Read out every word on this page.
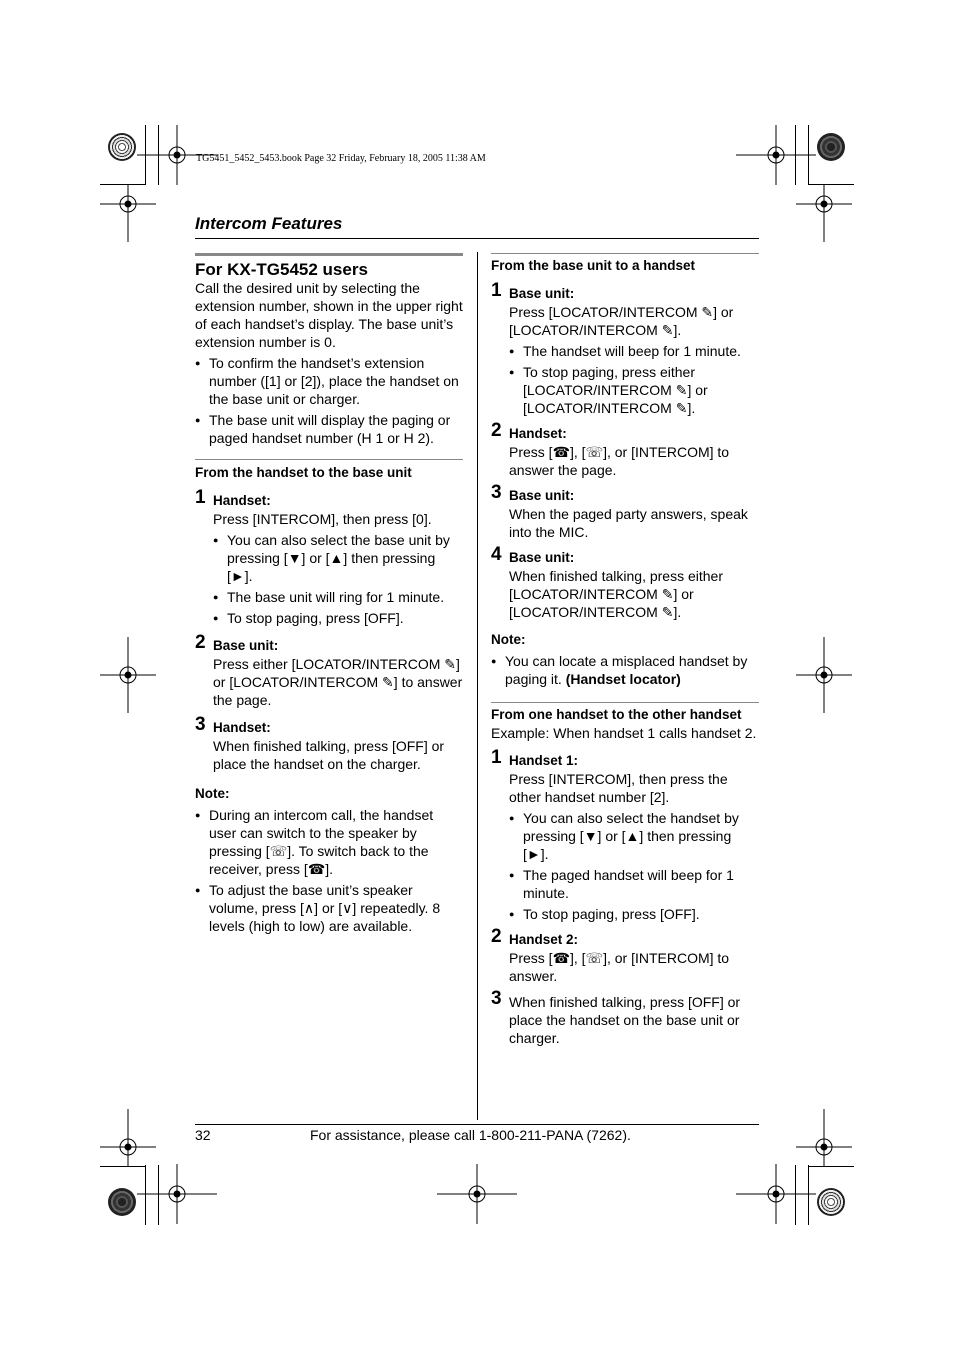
TG5451_5452_5453.book Page 32 Friday, February 18, 2005 11:38 AM
Intercom Features

For KX-TG5452 users

Call the desired unit by selecting the extension number, shown in the upper right of each handset’s display. The base unit’s extension number is 0.

● To confirm the handset’s extension number ([1] or [2]), place the handset on the base unit or charger.
● The base unit will display the paging or paged handset number (H 1 or H 2).

From the handset to the base unit

1 Handset:
Press [INTERCOM], then press [0].
● You can also select the base unit by pressing [▼] or [▲] then pressing [►].
● The base unit will ring for 1 minute.
● To stop paging, press [OFF].
2 Base unit:
Press either [LOCATOR/INTERCOM ✎] or [LOCATOR/INTERCOM ✎] to answer the page.
3 Handset:
When finished talking, press [OFF] or place the handset on the charger.
Note:
● During an intercom call, the handset user can switch to the speaker by pressing [☏]. To switch back to the receiver, press [☎].
● To adjust the base unit’s speaker volume, press [∧] or [∨] repeatedly. 8 levels (high to low) are available.

From the base unit to a handset

1 Base unit:
Press [LOCATOR/INTERCOM ✎] or [LOCATOR/INTERCOM ✎].
● The handset will beep for 1 minute.
● To stop paging, press either [LOCATOR/INTERCOM ✎] or [LOCATOR/INTERCOM ✎].
2 Handset:
Press [☎], [☏], or [INTERCOM] to answer the page.
3 Base unit:
When the paged party answers, speak into the MIC.
4 Base unit:
When finished talking, press either [LOCATOR/INTERCOM ✎] or [LOCATOR/INTERCOM ✎].
Note:
● You can locate a misplaced handset by paging it. (Handset locator)

From one handset to the other handset

Example: When handset 1 calls handset 2.

1 Handset 1:
Press [INTERCOM], then press the other handset number [2].
● You can also select the handset by pressing [▼] or [▲] then pressing [►].
● The paged handset will beep for 1 minute.
● To stop paging, press [OFF].
2 Handset 2:
Press [☎], [☏], or [INTERCOM] to answer.
3 When finished talking, press [OFF] or place the handset on the base unit or charger.
32	For assistance, please call 1-800-211-PANA (7262).
